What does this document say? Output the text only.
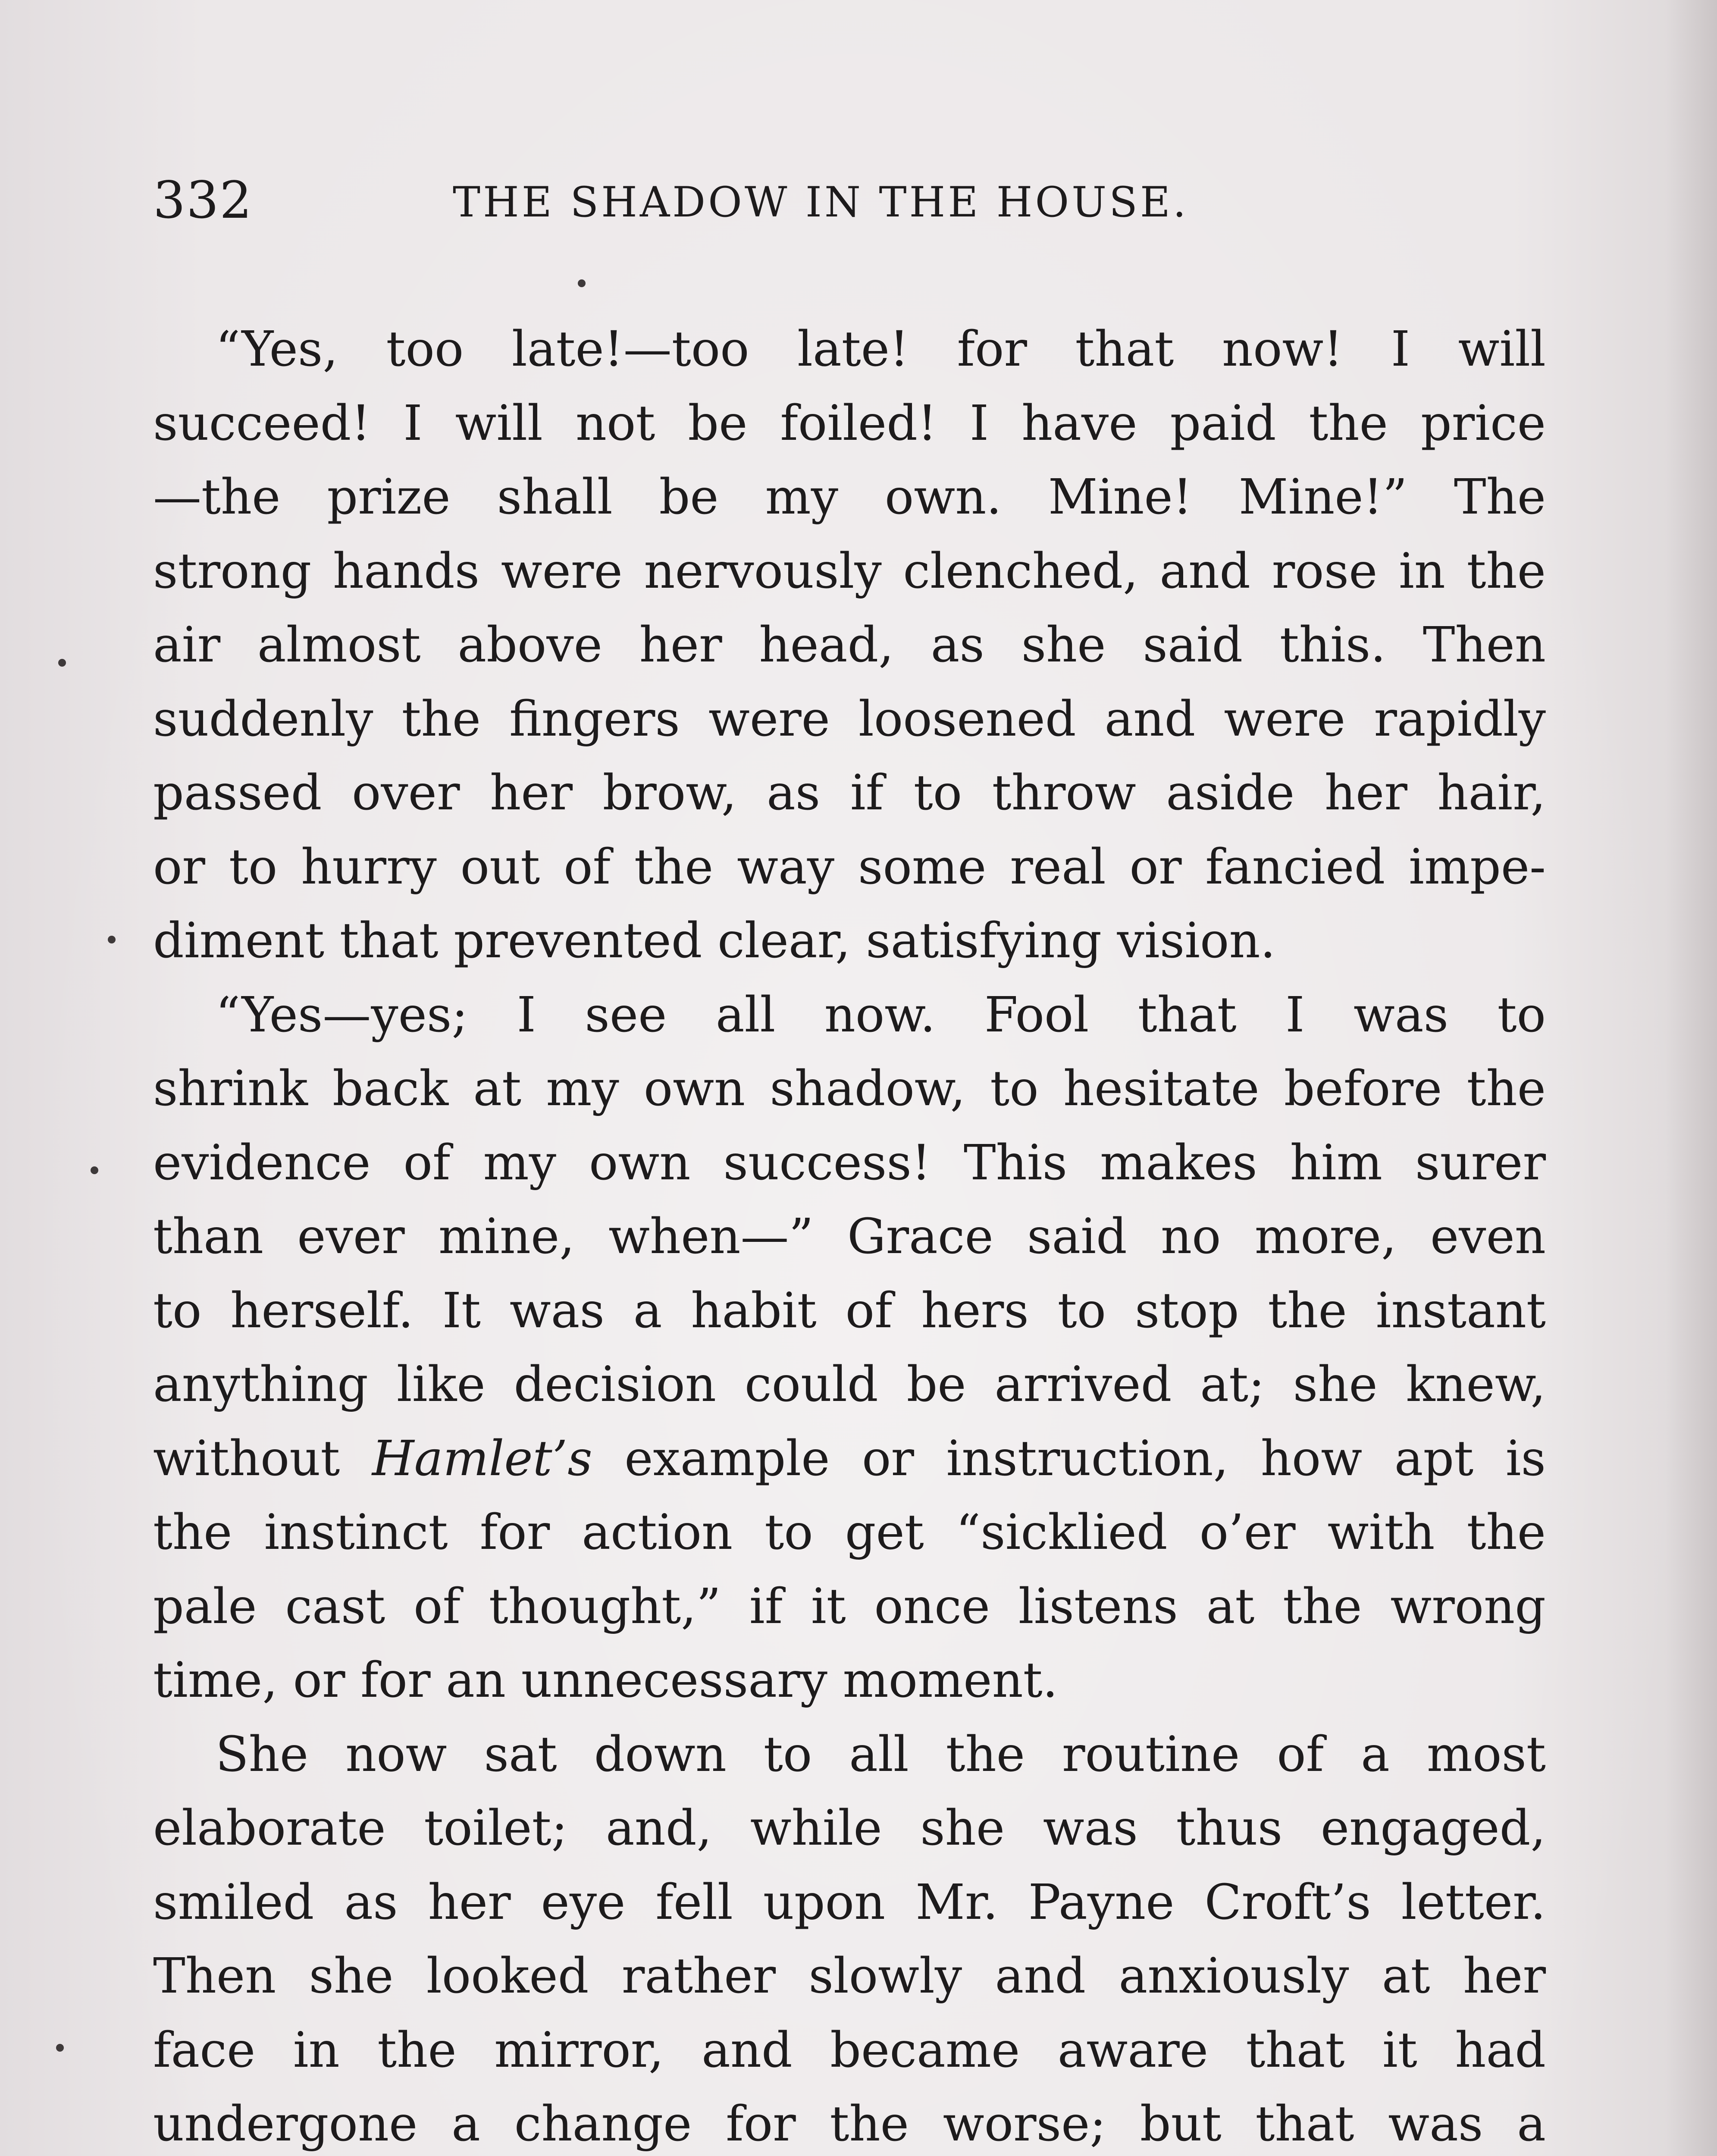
332	THE SHADOW IN THE HOUSE.
“Yes, too late!—too late! for that now! I will
succeed! I will not be foiled! I have paid the price
—the prize shall be my own. Mine! Mine!” The
strong hands were nervously clenched, and rose in the
air almost above her head, as she said this. Then
suddenly the fingers were loosened and were rapidly
passed over her brow, as if to throw aside her hair,
or to hurry out of the way some real or fancied impe-
diment that prevented clear, satisfying vision.
“Yes—yes; I see all now. Fool that I was to
shrink back at my own shadow, to hesitate before the
evidence of my own success! This makes him surer
than ever mine, when—” Grace said no more, even
to herself. It was a habit of hers to stop the instant
anything like decision could be arrived at; she knew,
without Hamlet’s example or instruction, how apt is
the instinct for action to get “sicklied o’er with the
pale cast of thought,” if it once listens at the wrong
time, or for an unnecessary moment.
She now sat down to all the routine of a most
elaborate toilet; and, while she was thus engaged,
smiled as her eye fell upon Mr. Payne Croft’s letter.
Then she looked rather slowly and anxiously at her
face in the mirror, and became aware that it had
undergone a change for the worse; but that was a
